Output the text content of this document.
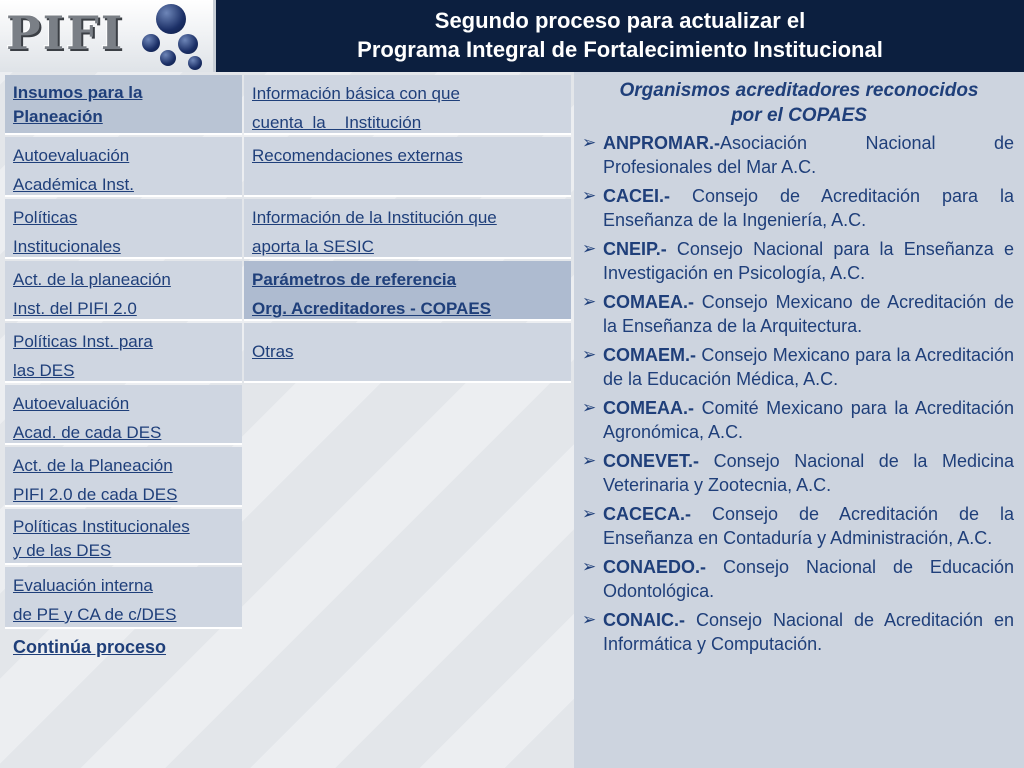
PIFI	Segundo proceso para actualizar el
Programa Integral de Fortalecimiento Institucional
Insumos para la
Planeación
Autoevaluación
Académica Inst.
Políticas
Institucionales
Act. de la planeación
Inst. del PIFI 2.0
Políticas Inst. para
las DES
Autoevaluación
Acad. de cada DES
Act. de la Planeación
PIFI 2.0 de cada DES
Políticas Institucionales
y de las DES
Evaluación interna
de PE y CA de c/DES
Continúa proceso
Información básica con que
cuenta  la    Institución
Recomendaciones externas
Información de la Institución que
aporta la SESIC
Parámetros de referencia
Org. Acreditadores - COPAES
Otras
Organismos acreditadores reconocidos
por el COPAES
➢ ANPROMAR.-Asociación Nacional de Profesionales del Mar A.C.
➢ CACEI.- Consejo de Acreditación para la Enseñanza de la Ingeniería, A.C.
➢ CNEIP.- Consejo Nacional para la Enseñanza e Investigación en Psicología, A.C.
➢ COMAEA.- Consejo Mexicano de Acreditación de la Enseñanza de la Arquitectura.
➢ COMAEM.- Consejo Mexicano para la Acreditación de la Educación Médica, A.C.
➢ COMEAA.- Comité Mexicano para la Acreditación Agronómica, A.C.
➢ CONEVET.- Consejo Nacional de la Medicina Veterinaria y Zootecnia, A.C.
➢ CACECA.- Consejo de Acreditación de la Enseñanza en Contaduría y Administración, A.C.
➢ CONAEDO.- Consejo Nacional de Educación Odontológica.
➢ CONAIC.- Consejo Nacional de Acreditación en Informática y Computación.
